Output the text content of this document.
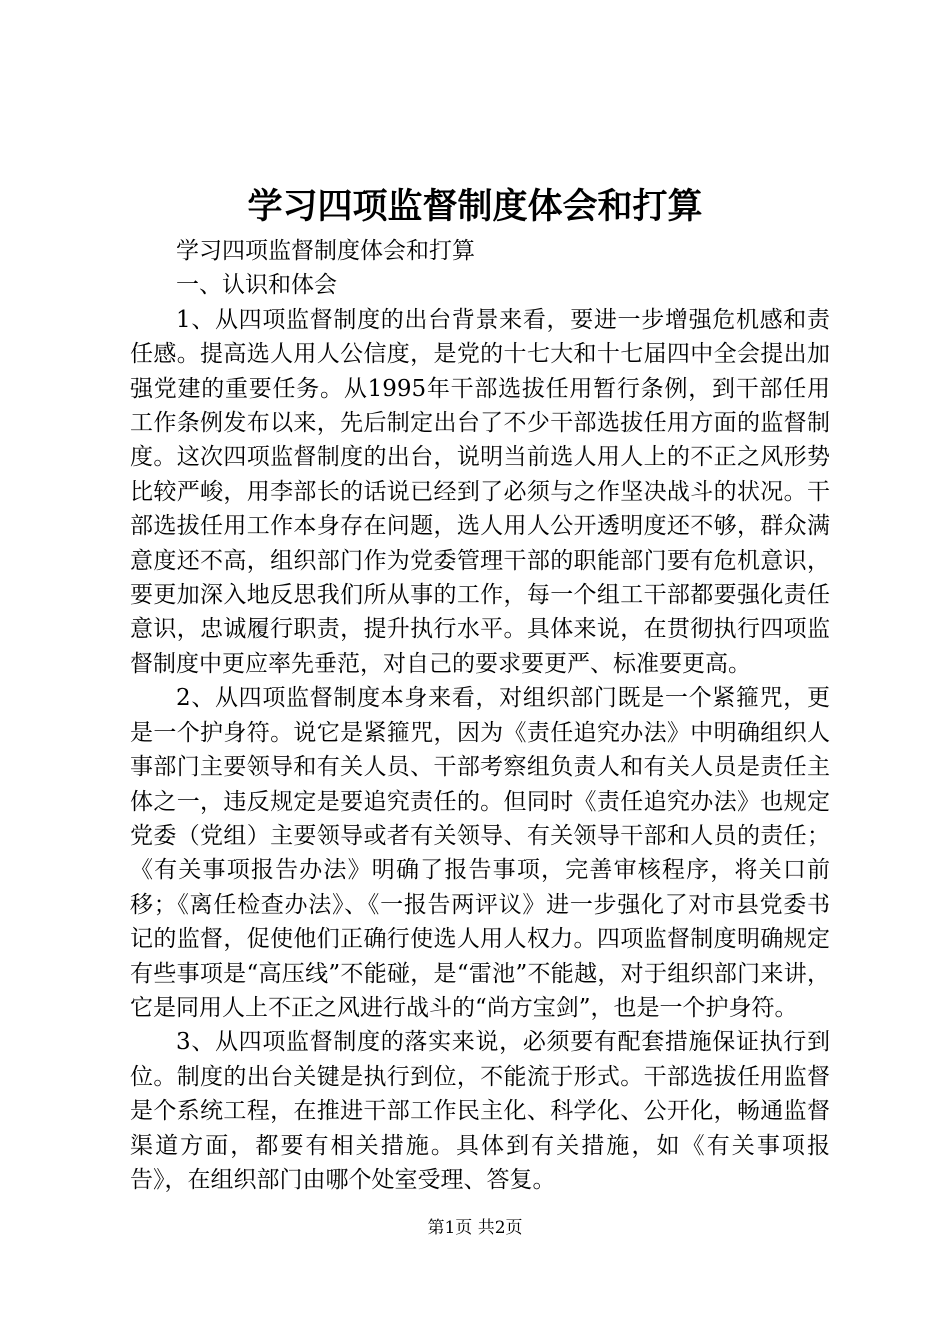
学习四项监督制度体会和打算

学习四项监督制度体会和打算

一、认识和体会

1、从四项监督制度的出台背景来看，要进一步增强危机感和责任感。提高选人用人公信度，是党的十七大和十七届四中全会提出加强党建的重要任务。从1995年干部选拔任用暂行条例，到干部任用工作条例发布以来，先后制定出台了不少干部选拔任用方面的监督制度。这次四项监督制度的出台，说明当前选人用人上的不正之风形势比较严峻，用李部长的话说已经到了必须与之作坚决战斗的状况。干部选拔任用工作本身存在问题，选人用人公开透明度还不够，群众满意度还不高，组织部门作为党委管理干部的职能部门要有危机意识，要更加深入地反思我们所从事的工作，每一个组工干部都要强化责任意识，忠诚履行职责，提升执行水平。具体来说，在贯彻执行四项监督制度中更应率先垂范，对自己的要求要更严、标准要更高。

2、从四项监督制度本身来看，对组织部门既是一个紧箍咒，更是一个护身符。说它是紧箍咒，因为《责任追究办法》中明确组织人事部门主要领导和有关人员、干部考察组负责人和有关人员是责任主体之一，违反规定是要追究责任的。但同时《责任追究办法》也规定党委（党组）主要领导或者有关领导、有关领导干部和人员的责任；《有关事项报告办法》明确了报告事项，完善审核程序，将关口前移；《离任检查办法》、《一报告两评议》进一步强化了对市县党委书记的监督，促使他们正确行使选人用人权力。四项监督制度明确规定有些事项是“高压线”不能碰，是“雷池”不能越，对于组织部门来讲，它是同用人上不正之风进行战斗的“尚方宝剑”，也是一个护身符。

3、从四项监督制度的落实来说，必须要有配套措施保证执行到位。制度的出台关键是执行到位，不能流于形式。干部选拔任用监督是个系统工程，在推进干部工作民主化、科学化、公开化，畅通监督渠道方面，都要有相关措施。具体到有关措施，如《有关事项报告》，在组织部门由哪个处室受理、答复。

第1页 共2页
